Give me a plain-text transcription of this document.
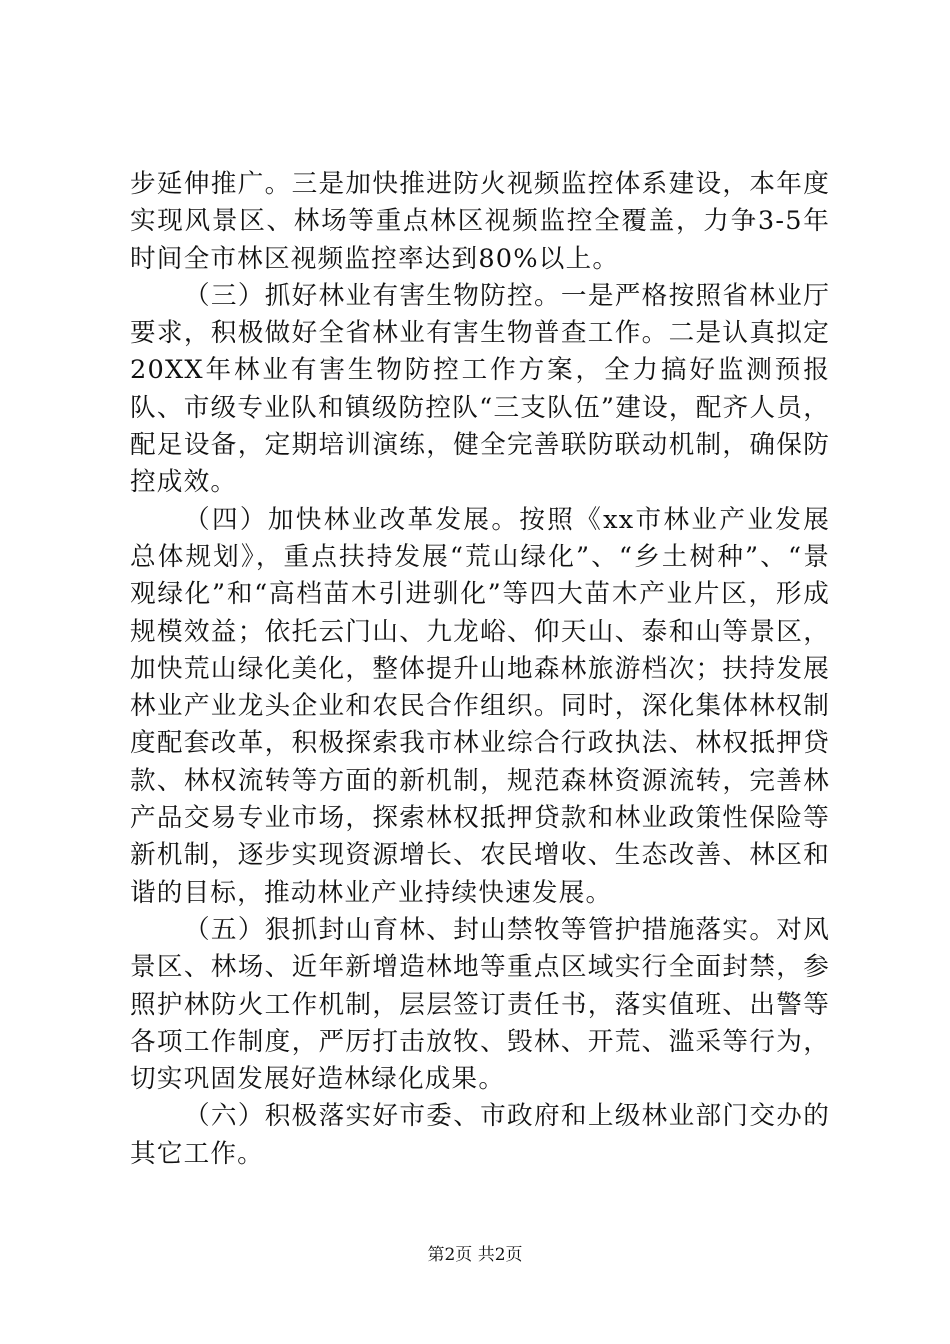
步延伸推广。三是加快推进防火视频监控体系建设，本年度实现风景区、林场等重点林区视频监控全覆盖，力争3-5年时间全市林区视频监控率达到80%以上。

（三）抓好林业有害生物防控。一是严格按照省林业厅要求，积极做好全省林业有害生物普查工作。二是认真拟定20XX年林业有害生物防控工作方案，全力搞好监测预报队、市级专业队和镇级防控队“三支队伍”建设，配齐人员，配足设备，定期培训演练，健全完善联防联动机制，确保防控成效。

（四）加快林业改革发展。按照《xx市林业产业发展总体规划》，重点扶持发展“荒山绿化”、“乡土树种”、“景观绿化”和“高档苗木引进驯化”等四大苗木产业片区，形成规模效益；依托云门山、九龙峪、仰天山、泰和山等景区，加快荒山绿化美化，整体提升山地森林旅游档次；扶持发展林业产业龙头企业和农民合作组织。同时，深化集体林权制度配套改革，积极探索我市林业综合行政执法、林权抵押贷款、林权流转等方面的新机制，规范森林资源流转，完善林产品交易专业市场，探索林权抵押贷款和林业政策性保险等新机制，逐步实现资源增长、农民增收、生态改善、林区和谐的目标，推动林业产业持续快速发展。

（五）狠抓封山育林、封山禁牧等管护措施落实。对风景区、林场、近年新增造林地等重点区域实行全面封禁，参照护林防火工作机制，层层签订责任书，落实值班、出警等各项工作制度，严厉打击放牧、毁林、开荒、滥采等行为，切实巩固发展好造林绿化成果。

（六）积极落实好市委、市政府和上级林业部门交办的其它工作。

第2页 共2页
